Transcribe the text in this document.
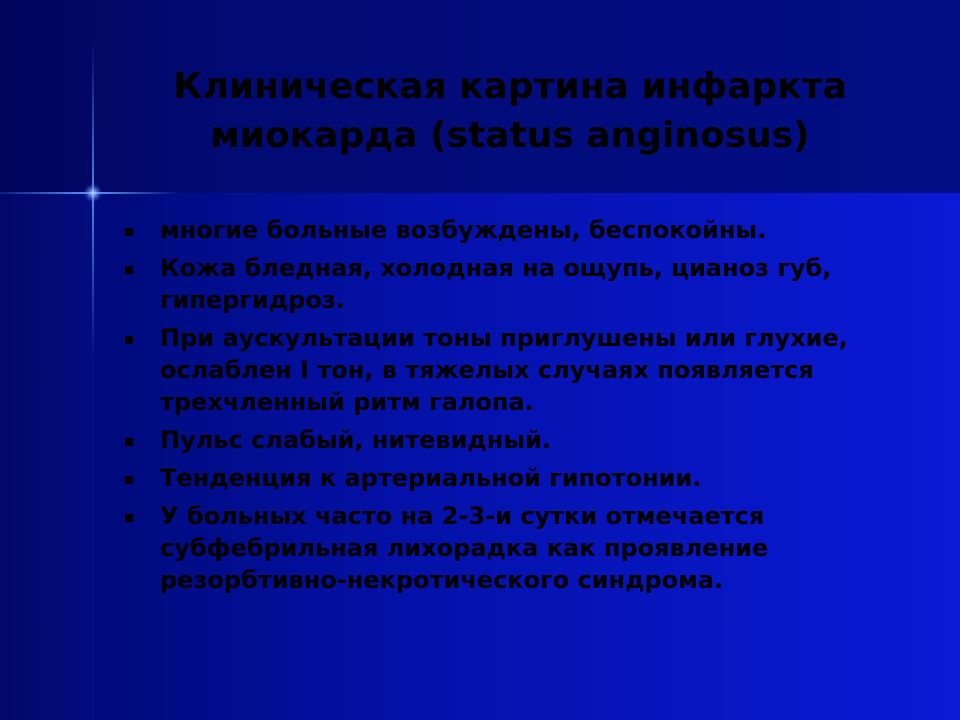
Клиническая картина инфаркта
миокарда (status anginosus)
многие больные возбуждены, беспокойны.
Кожа бледная, холодная на ощупь, цианоз губ, гипергидроз.
При аускультации тоны приглушены или глухие, ослаблен I тон, в тяжелых случаях появляется трехчленный ритм галопа.
Пульс слабый, нитевидный.
Тенденция к артериальной гипотонии.
У больных часто на 2-3-и сутки отмечается субфебрильная лихорадка как проявление резорбтивно-некротического синдрома.
